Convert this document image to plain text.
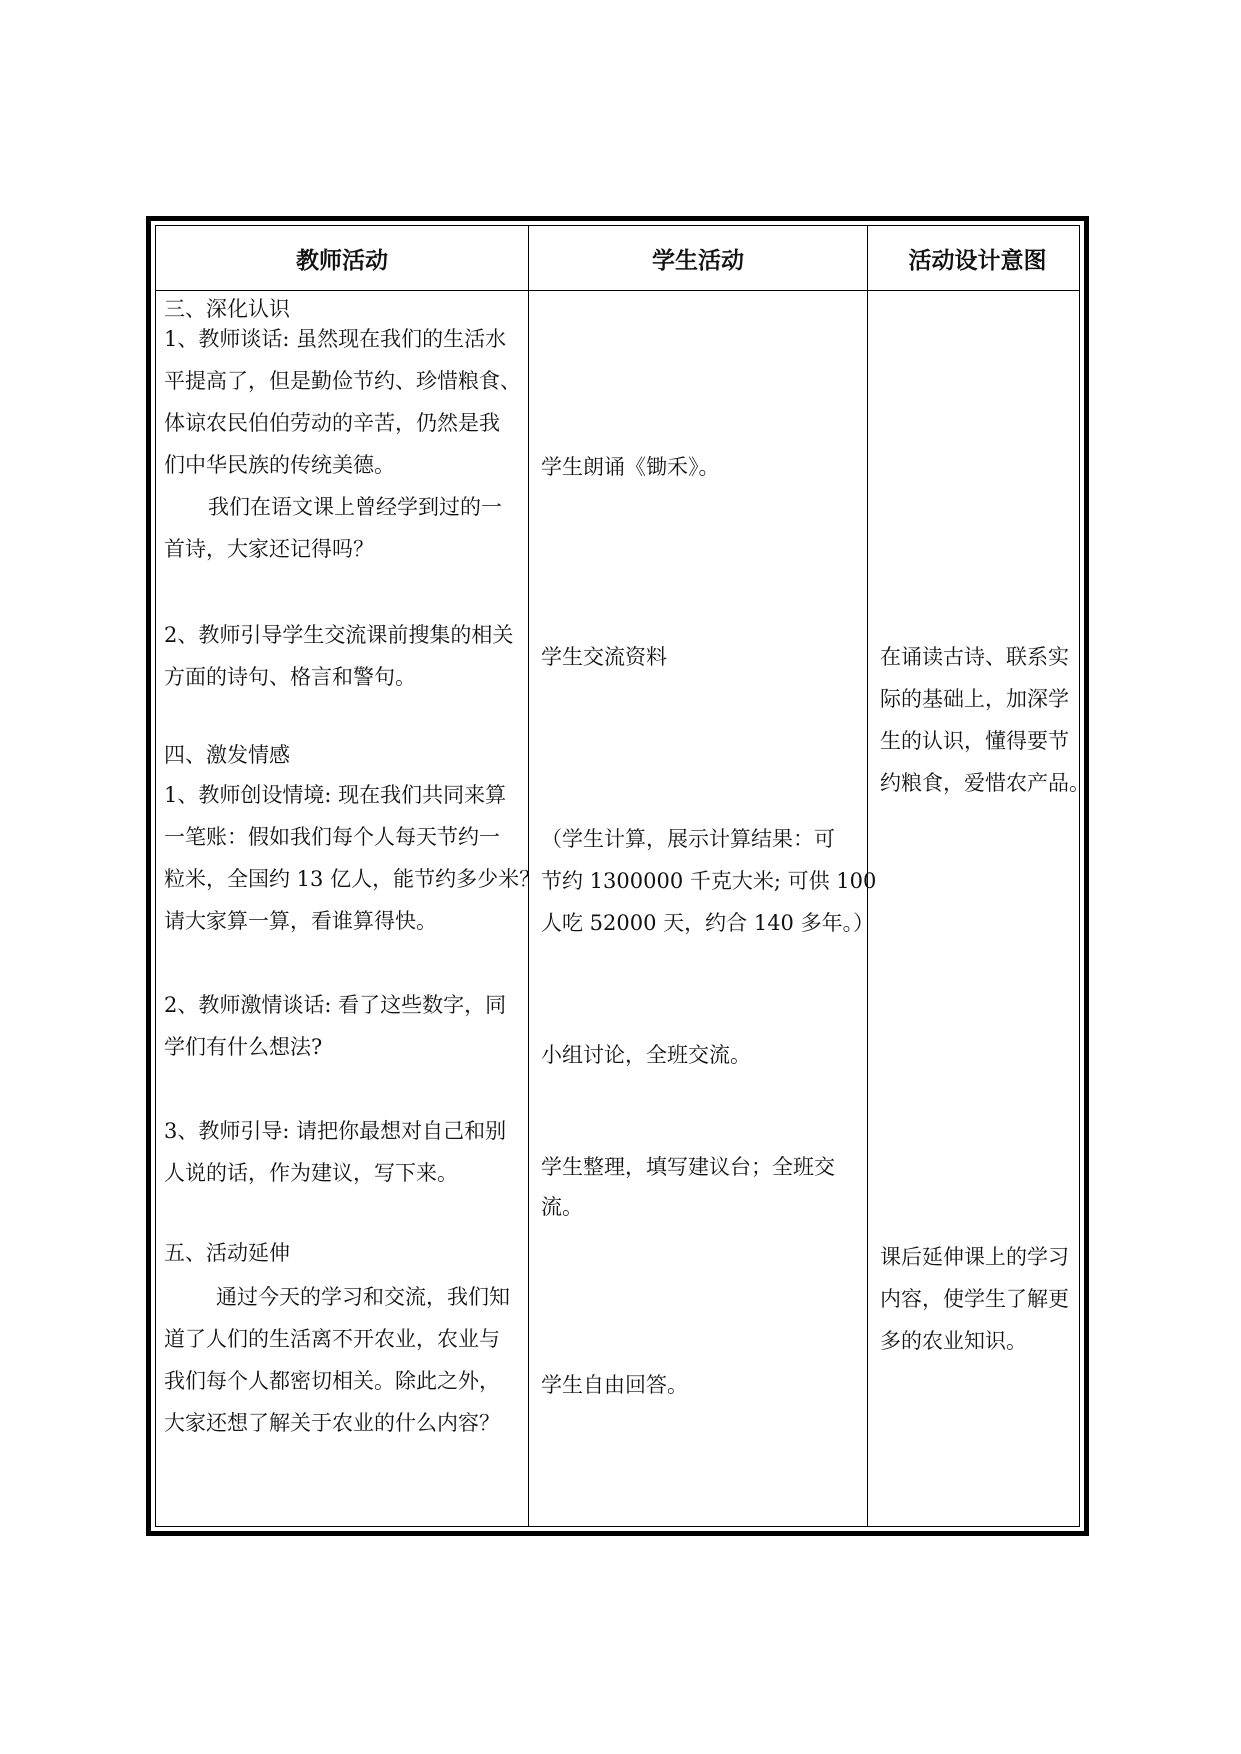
教师活动	学生活动	活动设计意图
三、深化认识
1、教师谈话: 虽然现在我们的生活水
平提高了，但是勤俭节约、珍惜粮食、
体谅农民伯伯劳动的辛苦，仍然是我
们中华民族的传统美德。
我们在语文课上曾经学到过的一
首诗，大家还记得吗？
2、教师引导学生交流课前搜集的相关
方面的诗句、格言和警句。
四、激发情感
1、教师创设情境: 现在我们共同来算
一笔账：假如我们每个人每天节约一
粒米，全国约 13 亿人，能节约多少米？
请大家算一算，看谁算得快。
2、教师激情谈话: 看了这些数字，同
学们有什么想法?
3、教师引导: 请把你最想对自己和别
人说的话，作为建议，写下来。
五、活动延伸
通过今天的学习和交流，我们知
道了人们的生活离不开农业，农业与
我们每个人都密切相关。除此之外，
大家还想了解关于农业的什么内容？
学生朗诵《锄禾》。
学生交流资料
（学生计算，展示计算结果：可
节约 1300000 千克大米; 可供 100
人吃 52000 天，约合 140 多年。）
小组讨论，全班交流。
学生整理，填写建议台；全班交
流。
学生自由回答。
在诵读古诗、联系实
际的基础上，加深学
生的认识，懂得要节
约粮食，爱惜农产品。
课后延伸课上的学习
内容，使学生了解更
多的农业知识。
